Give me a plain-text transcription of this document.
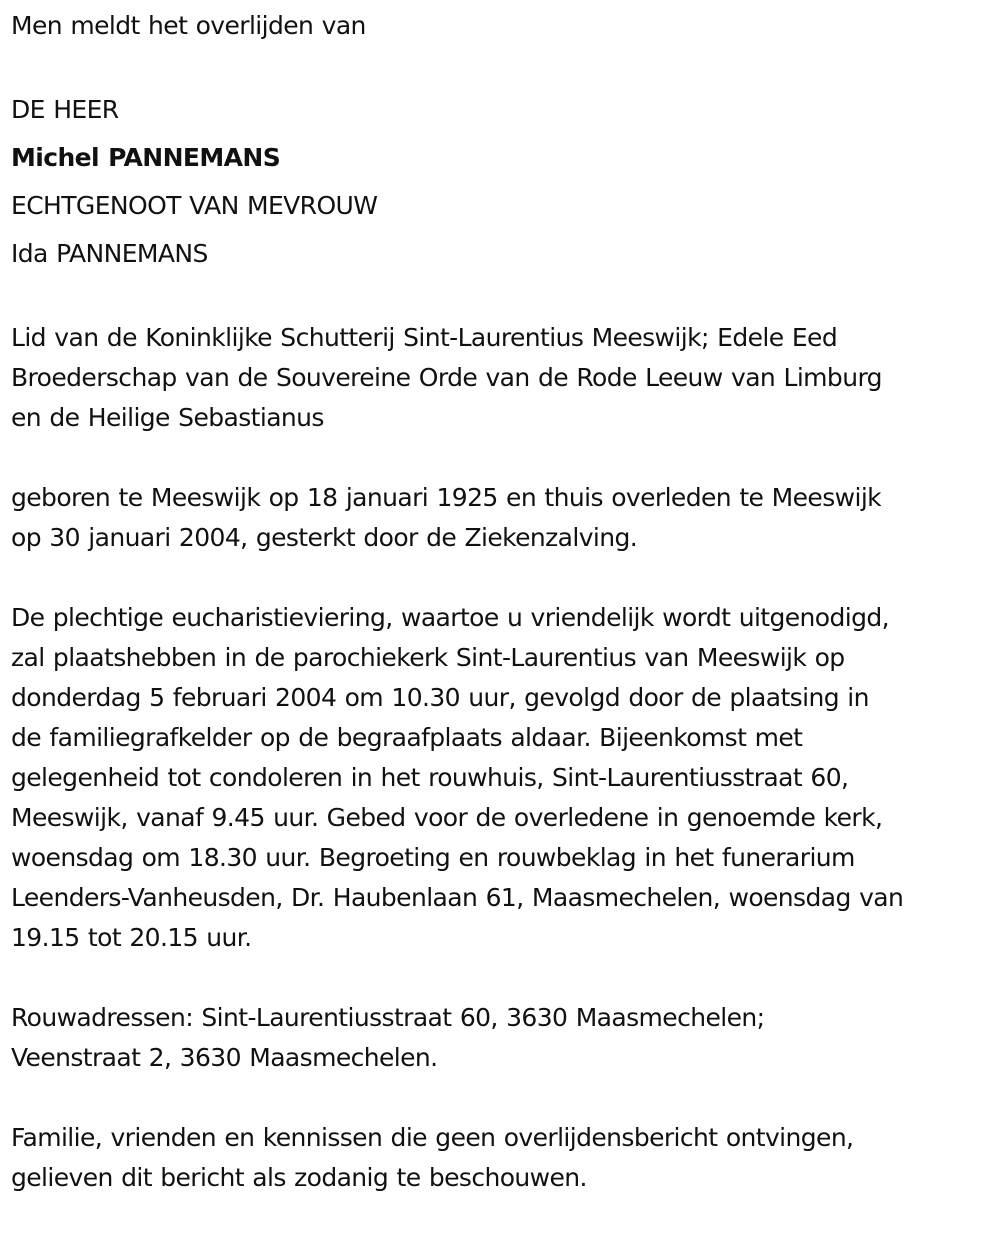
Men meldt het overlijden van
DE HEER
Michel PANNEMANS
ECHTGENOOT VAN MEVROUW
Ida PANNEMANS
Lid van de Koninklijke Schutterij Sint-Laurentius Meeswijk; Edele Eed
Broederschap van de Souvereine Orde van de Rode Leeuw van Limburg
en de Heilige Sebastianus
geboren te Meeswijk op 18 januari 1925 en thuis overleden te Meeswijk
op 30 januari 2004, gesterkt door de Ziekenzalving.
De plechtige eucharistieviering, waartoe u vriendelijk wordt uitgenodigd,
zal plaatshebben in de parochiekerk Sint-Laurentius van Meeswijk op
donderdag 5 februari 2004 om 10.30 uur, gevolgd door de plaatsing in
de familiegrafkelder op de begraafplaats aldaar. Bijeenkomst met
gelegenheid tot condoleren in het rouwhuis, Sint-Laurentiusstraat 60,
Meeswijk, vanaf 9.45 uur. Gebed voor de overledene in genoemde kerk,
woensdag om 18.30 uur. Begroeting en rouwbeklag in het funerarium
Leenders-Vanheusden, Dr. Haubenlaan 61, Maasmechelen, woensdag van
19.15 tot 20.15 uur.
Rouwadressen: Sint-Laurentiusstraat 60, 3630 Maasmechelen;
Veenstraat 2, 3630 Maasmechelen.
Familie, vrienden en kennissen die geen overlijdensbericht ontvingen,
gelieven dit bericht als zodanig te beschouwen.
